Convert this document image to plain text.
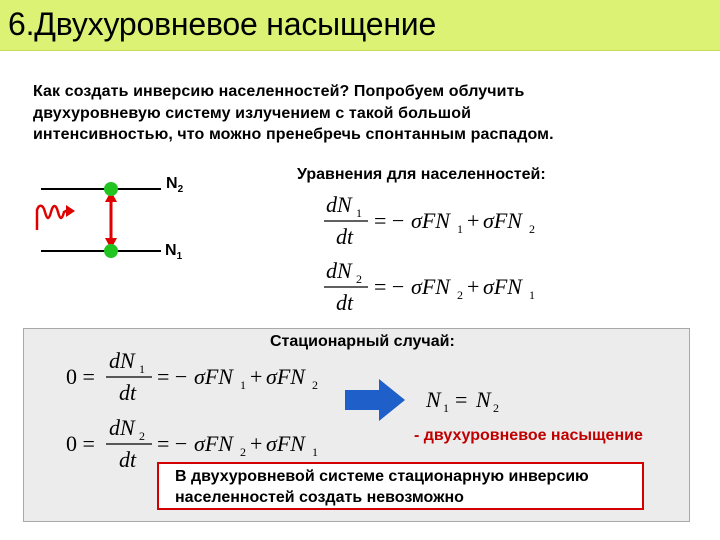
6.Двухуровневое насыщение
Как создать инверсию населенностей? Попробуем облучить
двухуровневую систему излучением с такой большой
интенсивностью, что можно пренебречь спонтанным распадом.
$N_2$
$N_1$
Уравнения для населенностей:
dN 1
dt
= − σFN 1 + σFN 2
dN 2
dt
= − σFN 2 + σFN 1
Стационарный случай:
0 =
dN 1
dt
= − σFN 1 + σFN 2
0 =
dN 2
dt
= − σFN 2 + σFN 1
N 1 = N 2
- двухуровневое насыщение
В двухуровневой системе стационарную инверсию
населенностей создать невозможно
